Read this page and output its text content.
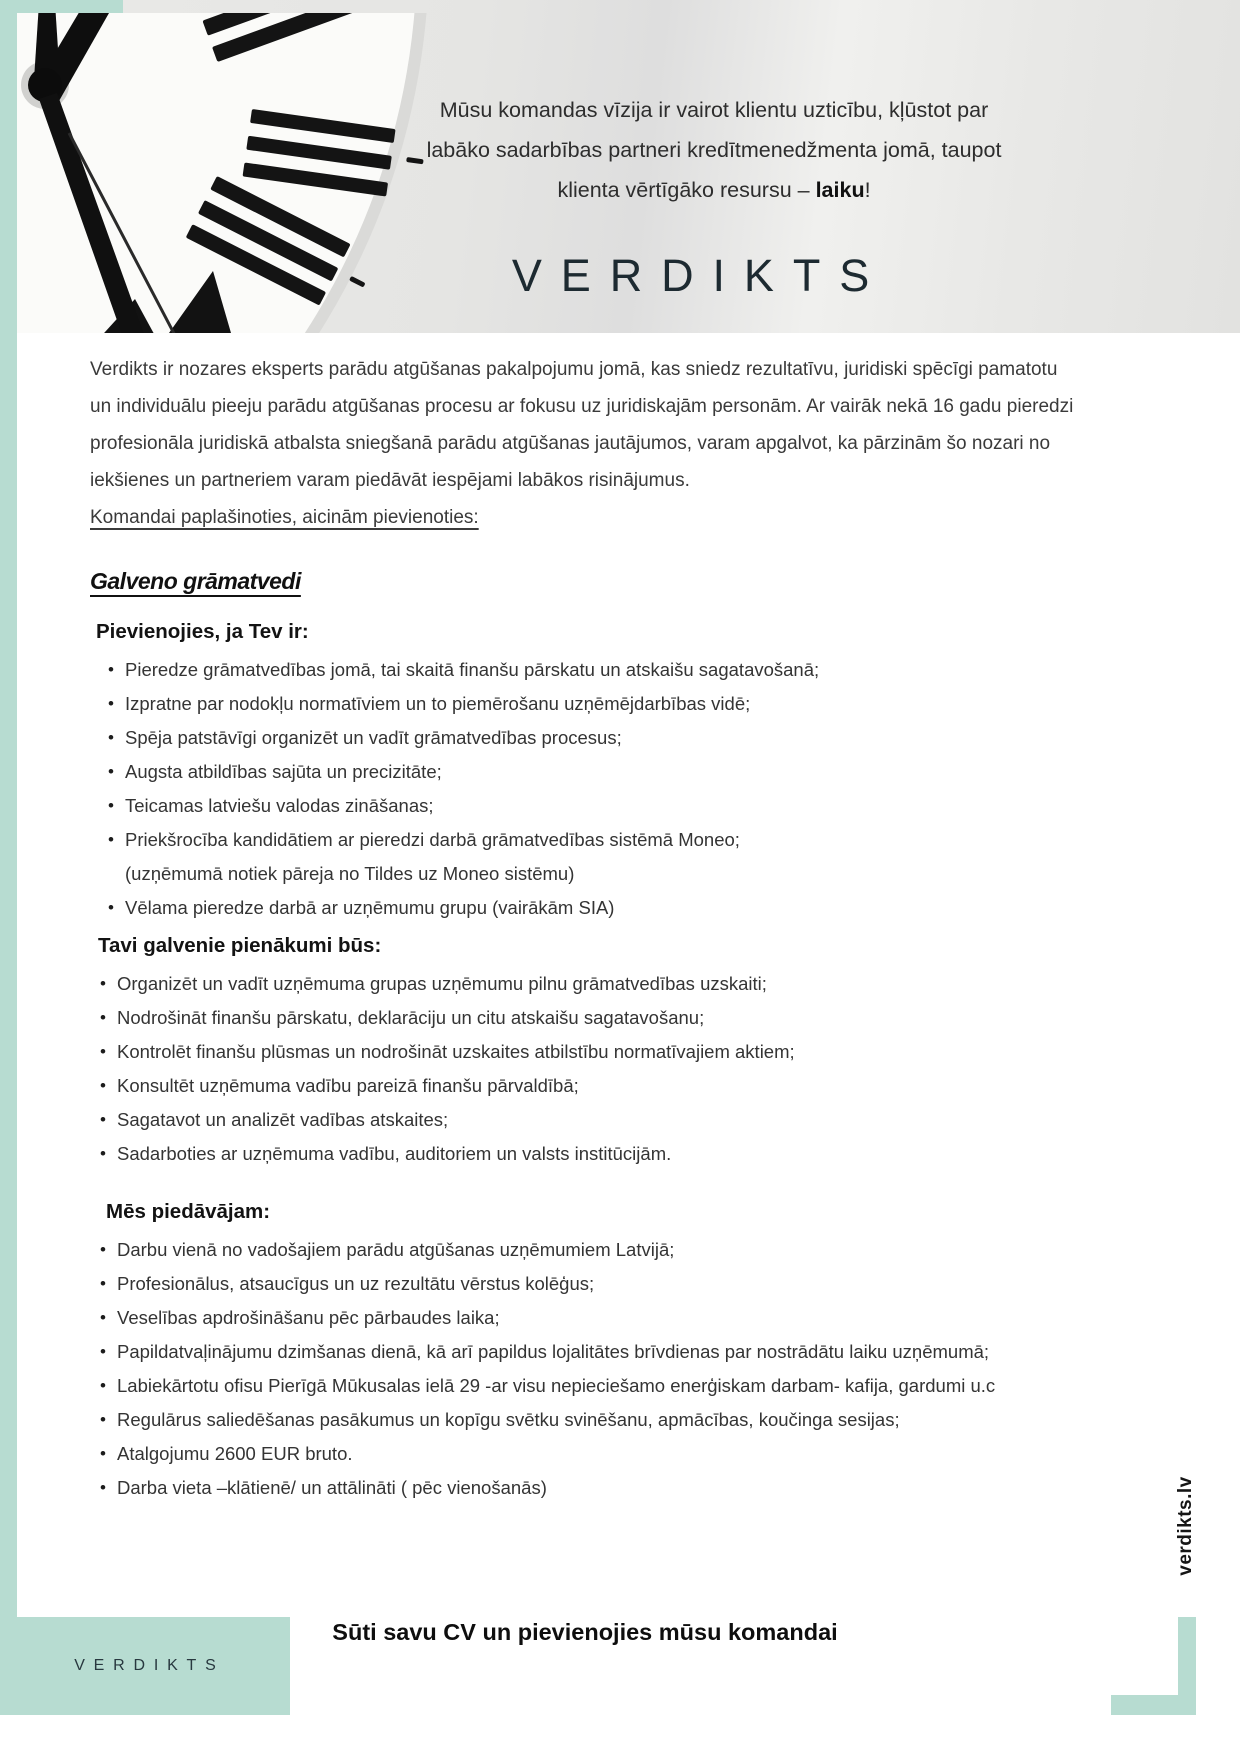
Mūsu komandas vīzija ir vairot klientu uzticību, kļūstot par
labāko sadarbības partneri kredītmenedžmenta jomā, taupot
klienta vērtīgāko resursu – laiku!
VERDIKTS
Verdikts ir nozares eksperts parādu atgūšanas pakalpojumu jomā, kas sniedz rezultatīvu, juridiski spēcīgi pamatotu
un individuālu pieeju parādu atgūšanas procesu ar fokusu uz juridiskajām personām. Ar vairāk nekā 16 gadu pieredzi
profesionāla juridiskā atbalsta sniegšanā parādu atgūšanas jautājumos, varam apgalvot, ka pārzinām šo nozari no
iekšienes un partneriem varam piedāvāt iespējami labākos risinājumus.
Komandai paplašinoties, aicinām pievienoties:
Galveno grāmatvedi
Pievienojies, ja Tev ir:
• Pieredze grāmatvedības jomā, tai skaitā finanšu pārskatu un atskaišu sagatavošanā;
• Izpratne par nodokļu normatīviem un to piemērošanu uzņēmējdarbības vidē;
• Spēja patstāvīgi organizēt un vadīt grāmatvedības procesus;
• Augsta atbildības sajūta un precizitāte;
• Teicamas latviešu valodas zināšanas;
• Priekšrocība kandidātiem ar pieredzi darbā grāmatvedības sistēmā Moneo;
(uzņēmumā notiek pāreja no Tildes uz Moneo sistēmu)
• Vēlama pieredze darbā ar uzņēmumu grupu (vairākām SIA)
Tavi galvenie pienākumi būs:
• Organizēt un vadīt uzņēmuma grupas uzņēmumu pilnu grāmatvedības uzskaiti;
• Nodrošināt finanšu pārskatu, deklarāciju un citu atskaišu sagatavošanu;
• Kontrolēt finanšu plūsmas un nodrošināt uzskaites atbilstību normatīvajiem aktiem;
• Konsultēt uzņēmuma vadību pareizā finanšu pārvaldībā;
• Sagatavot un analizēt vadības atskaites;
• Sadarboties ar uzņēmuma vadību, auditoriem un valsts institūcijām.
Mēs piedāvājam:
• Darbu vienā no vadošajiem parādu atgūšanas uzņēmumiem Latvijā;
• Profesionālus, atsaucīgus un uz rezultātu vērstus kolēģus;
• Veselības apdrošināšanu pēc pārbaudes laika;
• Papildatvaļinājumu dzimšanas dienā, kā arī papildus lojalitātes brīvdienas par nostrādātu laiku uzņēmumā;
• Labiekārtotu ofisu Pierīgā Mūkusalas ielā 29 -ar visu nepieciešamo enerģiskam darbam- kafija, gardumi u.c
• Regulārus saliedēšanas pasākumus un kopīgu svētku svinēšanu, apmācības, koučinga sesijas;
• Atalgojumu 2600 EUR bruto.
• Darba vieta –klātienē/ un attālināti ( pēc vienošanās)	verdikts.lv
VERDIKTS
Sūti savu CV un pievienojies mūsu komandai
